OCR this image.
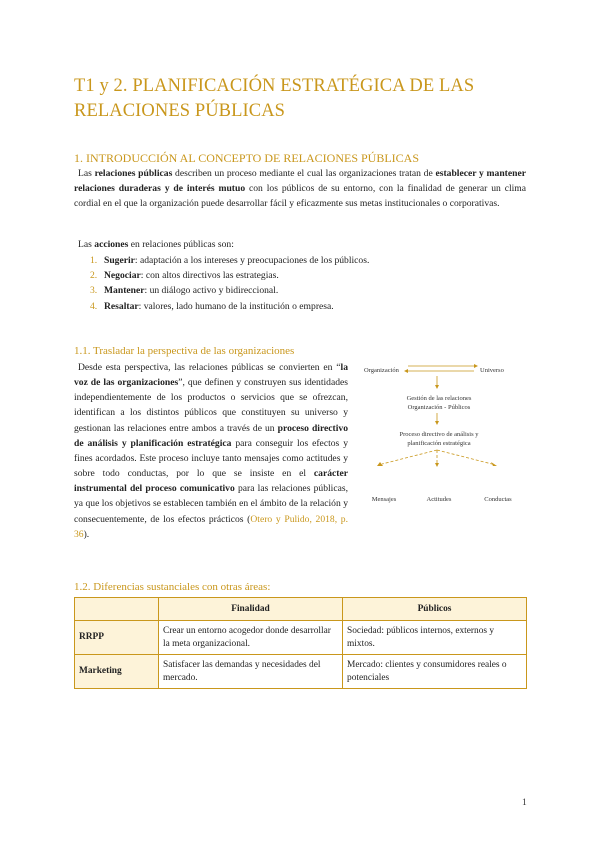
T1 y 2. PLANIFICACIÓN ESTRATÉGICA DE LAS RELACIONES PÚBLICAS
1. INTRODUCCIÓN AL CONCEPTO DE RELACIONES PÚBLICAS

Las relaciones públicas describen un proceso mediante el cual las organizaciones tratan de establecer y mantener relaciones duraderas y de interés mutuo con los públicos de su entorno, con la finalidad de generar un clima cordial en el que la organización puede desarrollar fácil y eficazmente sus metas institucionales o corporativas.

Las acciones en relaciones públicas son:
1. Sugerir: adaptación a los intereses y preocupaciones de los públicos.
2. Negociar: con altos directivos las estrategias.
3. Mantener: un diálogo activo y bidireccional.
4. Resaltar: valores, lado humano de la institución o empresa.
1.1. Trasladar la perspectiva de las organizaciones
Desde esta perspectiva, las relaciones públicas se convierten en “la voz de las organizaciones”, que definen y construyen sus identidades independientemente de los productos o servicios que se ofrezcan, identifican a los distintos públicos que constituyen su universo y gestionan las relaciones entre ambos a través de un proceso directivo de análisis y planificación estratégica para conseguir los efectos y fines acordados. Este proceso incluye tanto mensajes como actitudes y sobre todo conductas, por lo que se insiste en el carácter instrumental del proceso comunicativo para las relaciones públicas, ya que los objetivos se establecen también en el ámbito de la relación y consecuentemente, de los efectos prácticos (Otero y Pulido, 2018, p. 36).
Organización	Universo
Gestión de las relaciones
Organización - Públicos
Proceso directivo de análisis y
planificación estratégica
Mensajes	Actitudes	Conductas
1.2. Diferencias sustanciales con otras áreas:
	Finalidad	Públicos
RRPP	Crear un entorno acogedor donde desarrollar la meta organizacional.	Sociedad: públicos internos, externos y mixtos.
Marketing	Satisfacer las demandas y necesidades del mercado.	Mercado: clientes y consumidores reales o potenciales
1
